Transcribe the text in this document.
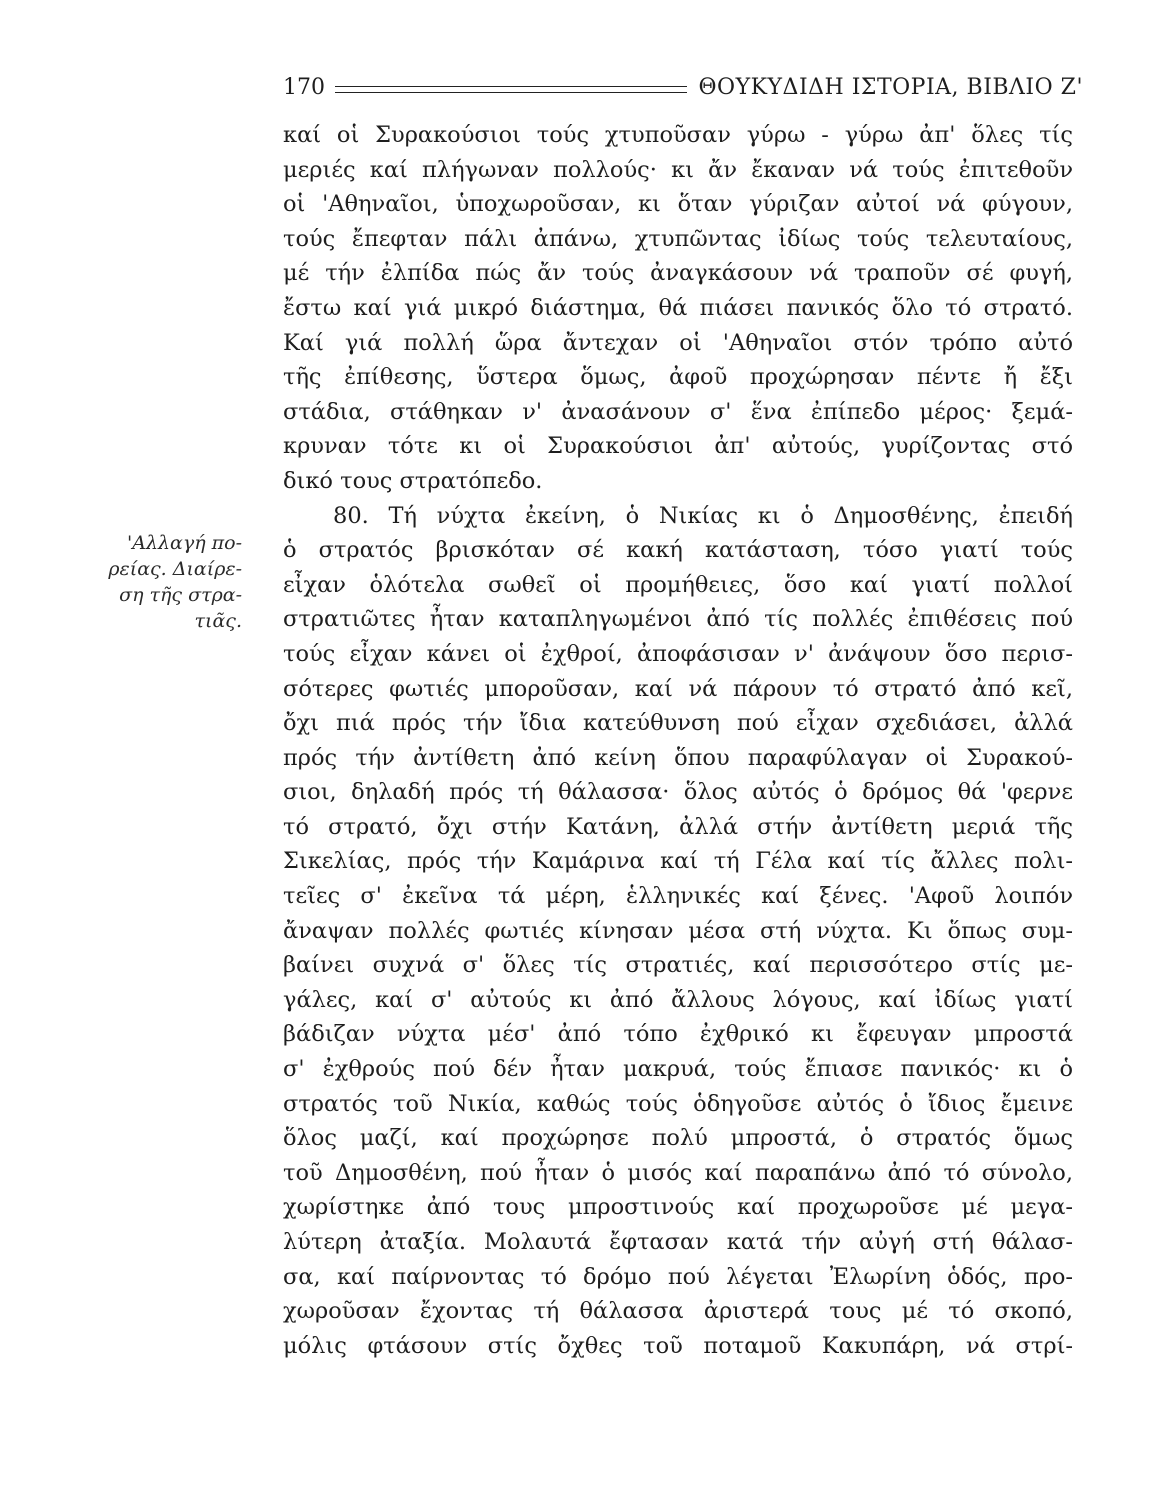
170	ΘΟΥΚΥΔΙΔΗ ΙΣΤΟΡΙΑ, ΒΙΒΛΙΟ Ζ'
'Αλλαγή πο-
ρείας. Διαίρε-
ση τῆς στρα-
τιᾶς.
καί οἱ Συρακούσιοι τούς χτυποῦσαν γύρω - γύρω ἀπ' ὅλες τίς
μεριές καί πλήγωναν πολλούς· κι ἄν ἔκαναν νά τούς ἐπιτεθοῦν
οἱ 'Αθηναῖοι, ὑποχωροῦσαν, κι ὅταν γύριζαν αὐτοί νά φύγουν,
τούς ἔπεφταν πάλι ἀπάνω, χτυπῶντας ἰδίως τούς τελευταίους,
μέ τήν ἐλπίδα πώς ἄν τούς ἀναγκάσουν νά τραποῦν σέ φυγή,
ἔστω καί γιά μικρό διάστημα, θά πιάσει πανικός ὅλο τό στρατό.
Καί γιά πολλή ὥρα ἄντεχαν οἱ 'Αθηναῖοι στόν τρόπο αὐτό
τῆς ἐπίθεσης, ὕστερα ὅμως, ἀφοῦ προχώρησαν πέντε ἤ ἔξι
στάδια, στάθηκαν ν' ἀνασάνουν σ' ἕνα ἐπίπεδο μέρος· ξεμά-
κρυναν τότε κι οἱ Συρακούσιοι ἀπ' αὐτούς, γυρίζοντας στό
δικό τους στρατόπεδο.
80. Τή νύχτα ἐκείνη, ὁ Νικίας κι ὁ Δημοσθένης, ἐπειδή
ὁ στρατός βρισκόταν σέ κακή κατάσταση, τόσο γιατί τούς
εἶχαν ὁλότελα σωθεῖ οἱ προμήθειες, ὅσο καί γιατί πολλοί
στρατιῶτες ἦταν καταπληγωμένοι ἀπό τίς πολλές ἐπιθέσεις πού
τούς εἶχαν κάνει οἱ ἐχθροί, ἀποφάσισαν ν' ἀνάψουν ὅσο περισ-
σότερες φωτιές μποροῦσαν, καί νά πάρουν τό στρατό ἀπό κεῖ,
ὄχι πιά πρός τήν ἴδια κατεύθυνση πού εἶχαν σχεδιάσει, ἀλλά
πρός τήν ἀντίθετη ἀπό κείνη ὅπου παραφύλαγαν οἱ Συρακού-
σιοι, δηλαδή πρός τή θάλασσα· ὅλος αὐτός ὁ δρόμος θά 'φερνε
τό στρατό, ὄχι στήν Κατάνη, ἀλλά στήν ἀντίθετη μεριά τῆς
Σικελίας, πρός τήν Καμάρινα καί τή Γέλα καί τίς ἄλλες πολι-
τεῖες σ' ἐκεῖνα τά μέρη, ἑλληνικές καί ξένες. 'Αφοῦ λοιπόν
ἄναψαν πολλές φωτιές κίνησαν μέσα στή νύχτα. Κι ὅπως συμ-
βαίνει συχνά σ' ὅλες τίς στρατιές, καί περισσότερο στίς με-
γάλες, καί σ' αὐτούς κι ἀπό ἄλλους λόγους, καί ἰδίως γιατί
βάδιζαν νύχτα μέσ' ἀπό τόπο ἐχθρικό κι ἔφευγαν μπροστά
σ' ἐχθρούς πού δέν ἦταν μακρυά, τούς ἔπιασε πανικός· κι ὁ
στρατός τοῦ Νικία, καθώς τούς ὁδηγοῦσε αὐτός ὁ ἴδιος ἔμεινε
ὅλος μαζί, καί προχώρησε πολύ μπροστά, ὁ στρατός ὅμως
τοῦ Δημοσθένη, πού ἦταν ὁ μισός καί παραπάνω ἀπό τό σύνολο,
χωρίστηκε ἀπό τους μπροστινούς καί προχωροῦσε μέ μεγα-
λύτερη ἀταξία. Μολαυτά ἔφτασαν κατά τήν αὐγή στή θάλασ-
σα, καί παίρνοντας τό δρόμο πού λέγεται Ἐλωρίνη ὁδός, προ-
χωροῦσαν ἔχοντας τή θάλασσα ἀριστερά τους μέ τό σκοπό,
μόλις φτάσουν στίς ὄχθες τοῦ ποταμοῦ Κακυπάρη, νά στρί-
